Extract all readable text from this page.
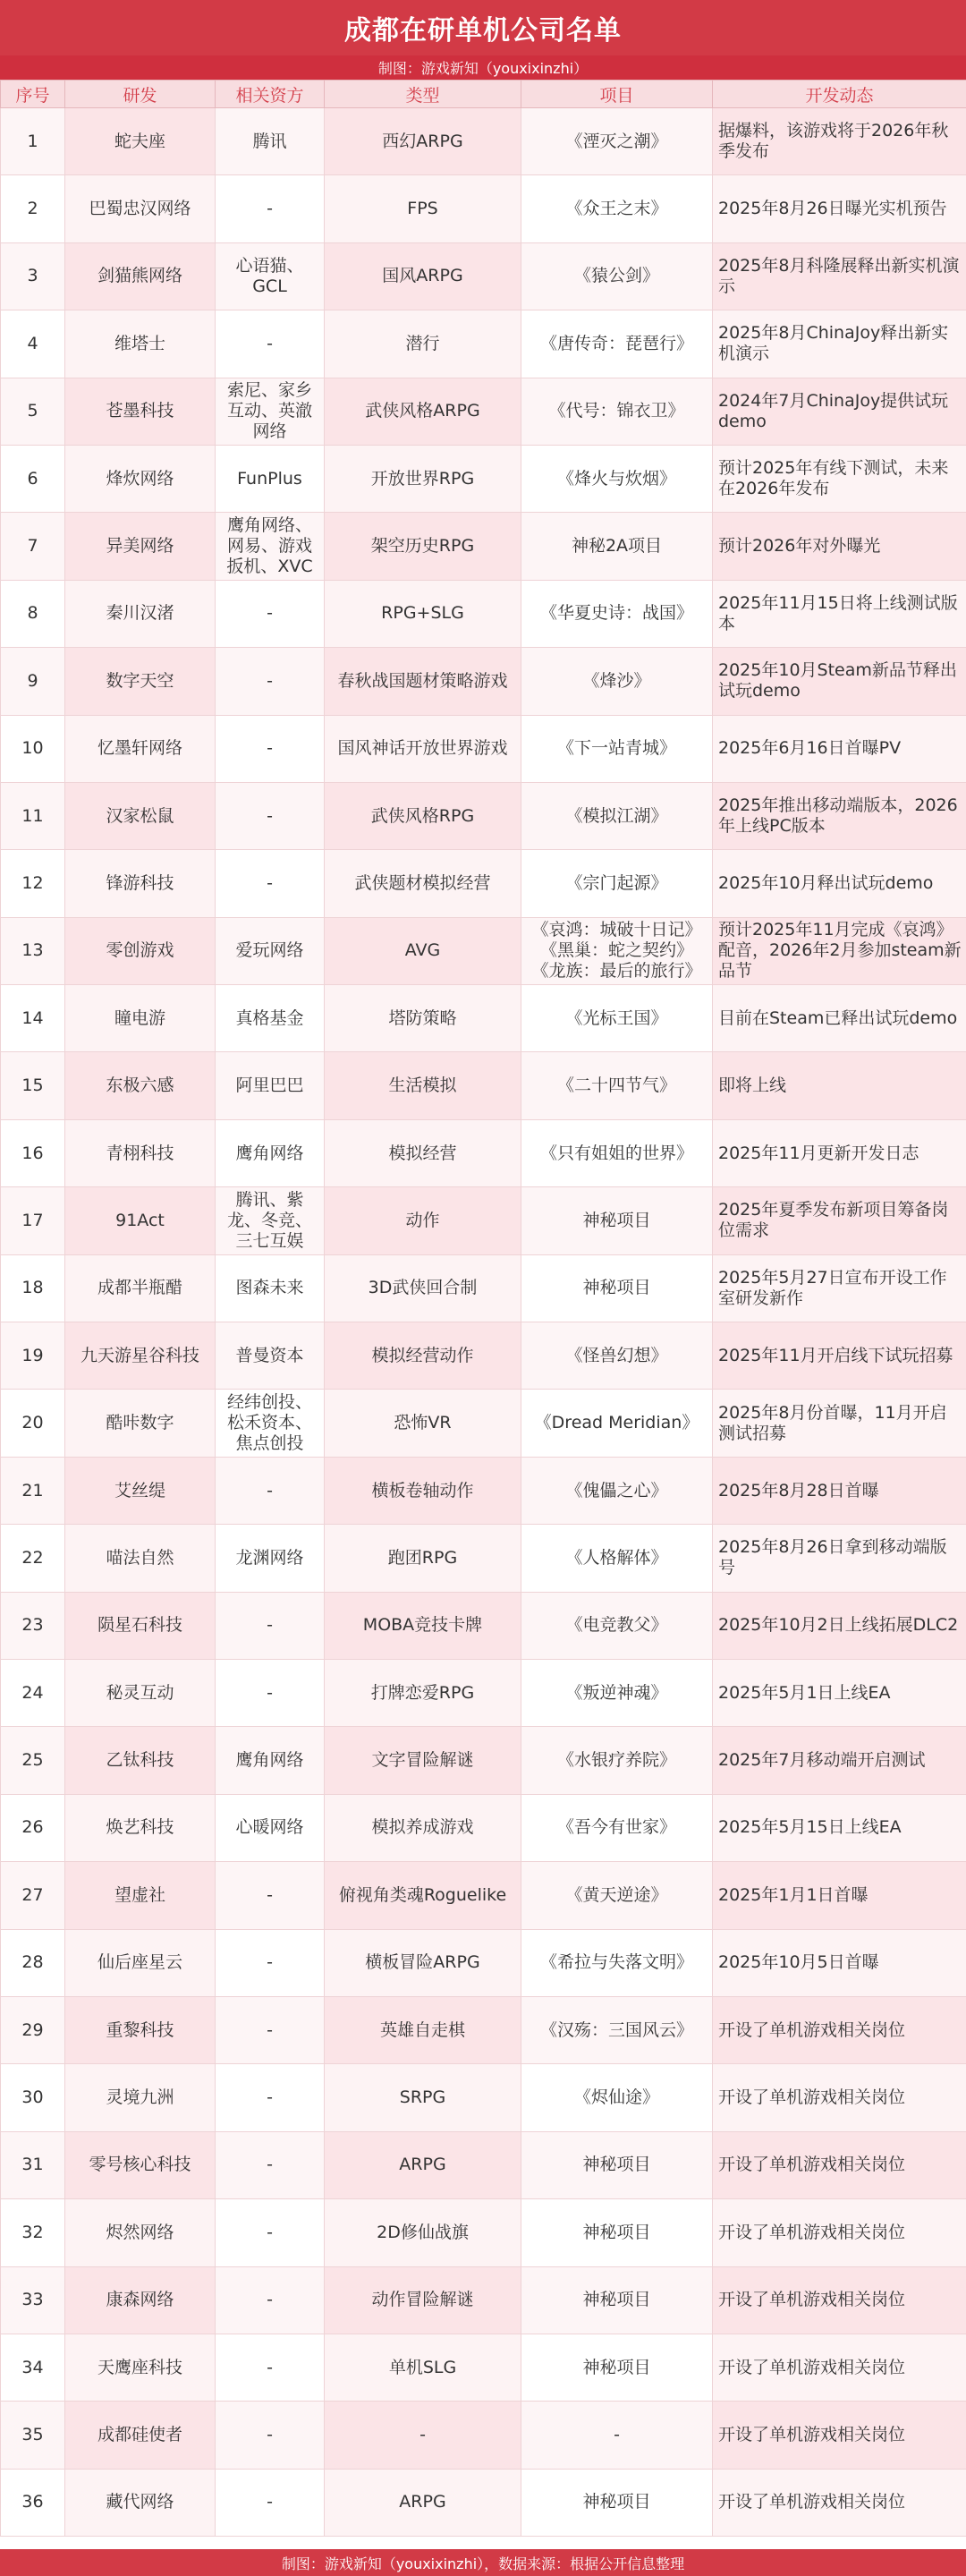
成都在研单机公司名单
制图：游戏新知（youxixinzhi）
序号	研发	相关资方	类型	项目	开发动态
1	蛇夫座	腾讯	西幻ARPG	《湮灭之潮》	据爆料，该游戏将于2026年秋季发布
2	巴蜀忠汉网络	-	FPS	《众王之末》	2025年8月26日曝光实机预告
3	剑猫熊网络	心语猫、GCL	国风ARPG	《猿公剑》	2025年8月科隆展释出新实机演示
4	维塔士	-	潜行	《唐传奇：琵琶行》	2025年8月ChinaJoy释出新实机演示
5	苍墨科技	索尼、家乡互动、英澈网络	武侠风格ARPG	《代号：锦衣卫》	2024年7月ChinaJoy提供试玩demo
6	烽炊网络	FunPlus	开放世界RPG	《烽火与炊烟》	预计2025年有线下测试，未来在2026年发布
7	异美网络	鹰角网络、网易、游戏扳机、XVC	架空历史RPG	神秘2A项目	预计2026年对外曝光
8	秦川汉渚	-	RPG+SLG	《华夏史诗：战国》	2025年11月15日将上线测试版本
9	数字天空	-	春秋战国题材策略游戏	《烽沙》	2025年10月Steam新品节释出试玩demo
10	忆墨轩网络	-	国风神话开放世界游戏	《下一站青城》	2025年6月16日首曝PV
11	汉家松鼠	-	武侠风格RPG	《模拟江湖》	2025年推出移动端版本，2026年上线PC版本
12	锋游科技	-	武侠题材模拟经营	《宗门起源》	2025年10月释出试玩demo
13	零创游戏	爱玩网络	AVG	《哀鸿：城破十日记》
《黑巢：蛇之契约》
《龙族：最后的旅行》	预计2025年11月完成《哀鸿》配音，2026年2月参加steam新品节
14	瞳电游	真格基金	塔防策略	《光标王国》	目前在Steam已释出试玩demo
15	东极六感	阿里巴巴	生活模拟	《二十四节气》	即将上线
16	青栩科技	鹰角网络	模拟经营	《只有姐姐的世界》	2025年11月更新开发日志
17	91Act	腾讯、紫龙、冬竞、三七互娱	动作	神秘项目	2025年夏季发布新项目筹备岗位需求
18	成都半瓶醋	图森未来	3D武侠回合制	神秘项目	2025年5月27日宣布开设工作室研发新作
19	九天游星谷科技	普曼资本	模拟经营动作	《怪兽幻想》	2025年11月开启线下试玩招募
20	酷咔数字	经纬创投、松禾资本、焦点创投	恐怖VR	《Dread Meridian》	2025年8月份首曝，11月开启测试招募
21	艾丝缇	-	横板卷轴动作	《傀儡之心》	2025年8月28日首曝
22	喵法自然	龙渊网络	跑团RPG	《人格解体》	2025年8月26日拿到移动端版号
23	陨星石科技	-	MOBA竞技卡牌	《电竞教父》	2025年10月2日上线拓展DLC2
24	秘灵互动	-	打牌恋爱RPG	《叛逆神魂》	2025年5月1日上线EA
25	乙钛科技	鹰角网络	文字冒险解谜	《水银疗养院》	2025年7月移动端开启测试
26	焕艺科技	心暖网络	模拟养成游戏	《吾今有世家》	2025年5月15日上线EA
27	望虚社	-	俯视角类魂Roguelike	《黄天逆途》	2025年1月1日首曝
28	仙后座星云	-	横板冒险ARPG	《希拉与失落文明》	2025年10月5日首曝
29	重黎科技	-	英雄自走棋	《汉殇：三国风云》	开设了单机游戏相关岗位
30	灵境九洲	-	SRPG	《烬仙途》	开设了单机游戏相关岗位
31	零号核心科技	-	ARPG	神秘项目	开设了单机游戏相关岗位
32	烬然网络	-	2D修仙战旗	神秘项目	开设了单机游戏相关岗位
33	康森网络	-	动作冒险解谜	神秘项目	开设了单机游戏相关岗位
34	天鹰座科技	-	单机SLG	神秘项目	开设了单机游戏相关岗位
35	成都硅使者	-	-	-	开设了单机游戏相关岗位
36	藏代网络	-	ARPG	神秘项目	开设了单机游戏相关岗位
制图：游戏新知（youxixinzhi），数据来源：根据公开信息整理
